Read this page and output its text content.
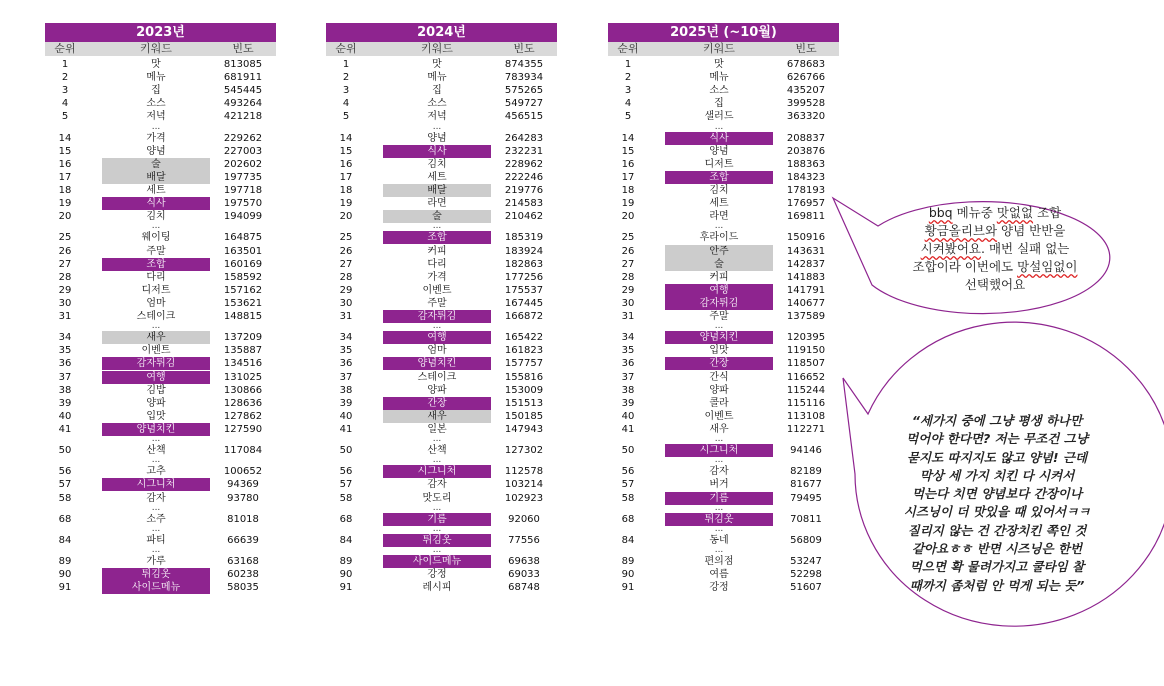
2023년
순위	키워드	빈도
1	맛	813085
2	메뉴	681911
3	집	545445
4	소스	493264
5	저녁	421218
...
14	가격	229262
15	양념	227003
16	술	202602
17	배달	197735
18	세트	197718
19	식사	197570
20	김치	194099
...
25	웨이팅	164875
26	주말	163501
27	조합	160169
28	다리	158592
29	디저트	157162
30	엄마	153621
31	스테이크	148815
...
34	새우	137209
35	이벤트	135887
36	감자튀김	134516
37	여행	131025
38	김밥	130866
39	양파	128636
40	입맛	127862
41	양념치킨	127590
...
50	산책	117084
...
56	고추	100652
57	시그니처	94369
58	감자	93780
...
68	소주	81018
...
84	파티	66639
...
89	가루	63168
90	튀김옷	60238
91	사이드메뉴	58035
2024년
순위	키워드	빈도
1	맛	874355
2	메뉴	783934
3	집	575265
4	소스	549727
5	저녁	456515
...
14	양념	264283
15	식사	232231
16	김치	228962
17	세트	222246
18	배달	219776
19	라면	214583
20	술	210462
...
25	조합	185319
26	커피	183924
27	다리	182863
28	가격	177256
29	이벤트	175537
30	주말	167445
31	감자튀김	166872
...
34	여행	165422
35	엄마	161823
36	양념치킨	157757
37	스테이크	155816
38	양파	153009
39	간장	151513
40	새우	150185
41	일본	147943
...
50	산책	127302
...
56	시그니처	112578
57	감자	103214
58	맛도리	102923
...
68	기름	92060
...
84	튀김옷	77556
...
89	사이드메뉴	69638
90	강정	69033
91	레시피	68748
2025년 (~10월)
순위	키워드	빈도
1	맛	678683
2	메뉴	626766
3	소스	435207
4	집	399528
5	샐러드	363320
...
14	식사	208837
15	양념	203876
16	디저트	188363
17	조합	184323
18	김치	178193
19	세트	176957
20	라면	169811
...
25	후라이드	150916
26	안주	143631
27	술	142837
28	커피	141883
29	여행	141791
30	감자튀김	140677
31	주말	137589
...
34	양념치킨	120395
35	입맛	119150
36	간장	118507
37	간식	116652
38	양파	115244
39	콜라	115116
40	이벤트	113108
41	새우	112271
...
50	시그니처	94146
...
56	감자	82189
57	버거	81677
58	기름	79495
...
68	튀김옷	70811
...
84	동네	56809
...
89	편의점	53247
90	여름	52298
91	강정	51607
bbq 메뉴중 맛없없 조합
황금올리브와 양념 반반을
시켜봤어요. 매번 실패 없는
조합이라 이번에도 망설임없이
선택했어요
“세가지 중에 그냥 평생 하나만
먹어야 한다면? 저는 무조건 그냥
묻지도 따지지도 않고 양념! 근데
막상 세 가지 치킨 다 시켜서
먹는다 치면 양념보다 간장이나
시즈닝이 더 맛있을 때 있어서ㅋㅋ
질리지 않는 건 간장치킨 쪽인 것
같아요ㅎㅎ 반면 시즈닝은 한번
먹으면 확 물려가지고 쿨타임 찰
때까지 좀처럼 안 먹게 되는 듯”
